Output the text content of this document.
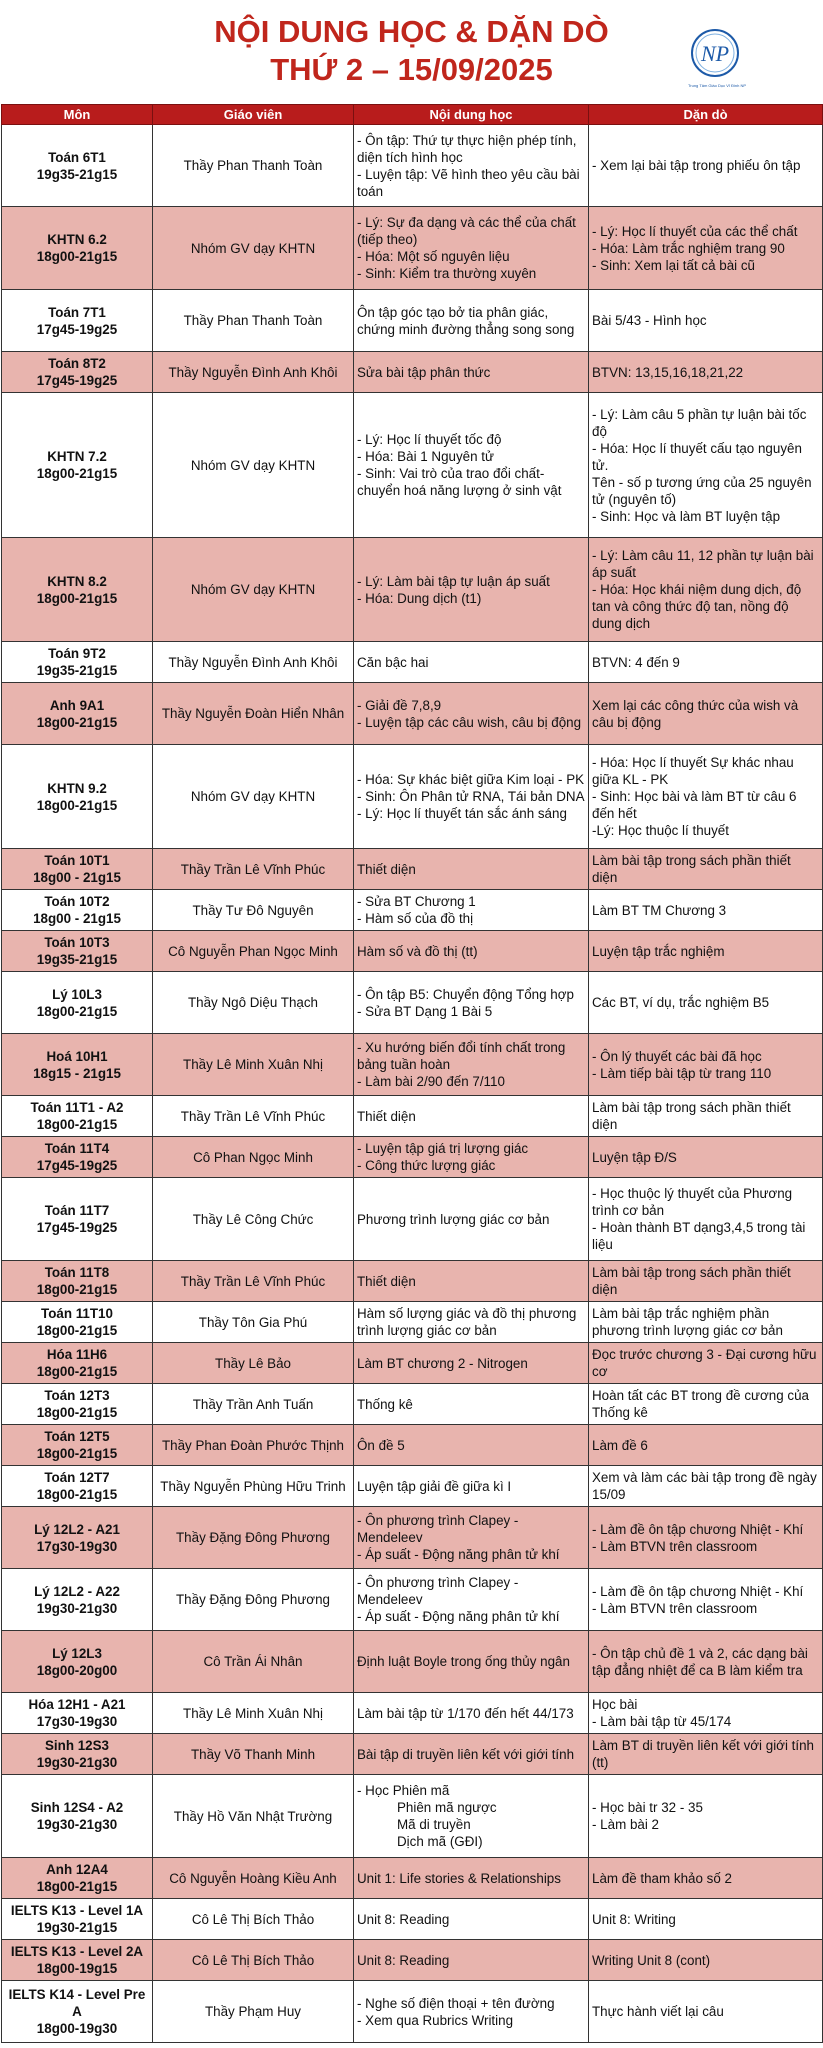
NỘI DUNG HỌC & DẶN DÒ
THỨ 2 – 15/09/2025	NP
Trung Tâm Giáo Dục Vĩ Đinh NP
Môn	Giáo viên	Nội dung học	Dặn dò

Toán 6T1
19g35-21g15	Thầy Phan Thanh Toàn	- Ôn tập: Thứ tự thực hiện phép tính, diện tích hình học
- Luyện tập: Vẽ hình theo yêu cầu bài toán	- Xem lại bài tập trong phiếu ôn tập

KHTN 6.2
18g00-21g15	Nhóm GV dạy KHTN	- Lý: Sự đa dạng và các thể của chất (tiếp theo)
- Hóa: Một số nguyên liệu
- Sinh: Kiểm tra thường xuyên	- Lý: Học lí thuyết của các thể chất
- Hóa: Làm trắc nghiệm trang 90
- Sinh: Xem lại tất cả bài cũ

Toán 7T1
17g45-19g25	Thầy Phan Thanh Toàn	Ôn tập góc tạo bở tia phân giác, chứng minh đường thẳng song song	Bài 5/43 - Hình học

Toán 8T2
17g45-19g25	Thầy Nguyễn Đình Anh Khôi	Sửa bài tập phân thức	BTVN: 13,15,16,18,21,22

KHTN 7.2
18g00-21g15	Nhóm GV dạy KHTN	- Lý: Học lí thuyết tốc độ
- Hóa: Bài 1 Nguyên tử
- Sinh: Vai trò của trao đổi chất-chuyển hoá năng lượng ở sinh vật	- Lý: Làm câu 5 phần tự luận bài tốc độ
- Hóa: Học lí thuyết cấu tạo nguyên tử.
Tên - số p tương ứng của 25 nguyên tử (nguyên tố)
- Sinh: Học và làm BT luyện tập

KHTN 8.2
18g00-21g15	Nhóm GV dạy KHTN	- Lý: Làm bài tập tự luận áp suất
- Hóa: Dung dịch (t1)	- Lý: Làm câu 11, 12 phần tự luận bài áp suất
- Hóa: Học khái niệm dung dịch, độ tan và công thức độ tan, nồng độ dung dịch

Toán 9T2
19g35-21g15	Thầy Nguyễn Đình Anh Khôi	Căn bậc hai	BTVN: 4 đến 9

Anh 9A1
18g00-21g15	Thầy Nguyễn Đoàn Hiển Nhân	- Giải đề 7,8,9
- Luyện tập các câu wish, câu bị động	Xem lại các công thức của wish và câu bị động

KHTN 9.2
18g00-21g15	Nhóm GV dạy KHTN	- Hóa: Sự khác biệt giữa Kim loại - PK
- Sinh: Ôn Phân tử RNA, Tái bản DNA
- Lý: Học lí thuyết tán sắc ánh sáng	- Hóa: Học lí thuyết Sự khác nhau giữa KL - PK
- Sinh: Học bài và làm BT từ câu 6 đến hết
-Lý: Học thuộc lí thuyết

Toán 10T1
18g00 - 21g15	Thầy Trần Lê Vĩnh Phúc	Thiết diện	Làm bài tập trong sách phần thiết diện

Toán 10T2
18g00 - 21g15	Thầy Tư Đô Nguyên	- Sửa BT Chương 1
- Hàm số của đồ thị	Làm BT TM Chương 3

Toán 10T3
19g35-21g15	Cô Nguyễn Phan Ngọc Minh	Hàm số và đồ thị (tt)	Luyện tập trắc nghiệm

Lý 10L3
18g00-21g15	Thầy Ngô Diệu Thạch	- Ôn tập B5: Chuyển động Tổng hợp
- Sửa BT Dạng 1 Bài 5	Các BT, ví dụ, trắc nghiệm B5

Hoá 10H1
18g15 - 21g15	Thầy Lê Minh Xuân Nhị	- Xu hướng biến đổi tính chất trong bảng tuần hoàn
- Làm bài 2/90 đến 7/110	- Ôn lý thuyết các bài đã học
- Làm tiếp bài tập từ trang 110

Toán 11T1 - A2
18g00-21g15	Thầy Trần Lê Vĩnh Phúc	Thiết diện	Làm bài tập trong sách phần thiết diện

Toán 11T4
17g45-19g25	Cô Phan Ngọc Minh	- Luyện tập giá trị lượng giác
- Công thức lượng giác	Luyện tập Đ/S

Toán 11T7
17g45-19g25	Thầy Lê Công Chức	Phương trình lượng giác cơ bản	- Học thuộc lý thuyết của Phương trình cơ bản
- Hoàn thành BT dạng3,4,5 trong tài liệu

Toán 11T8
18g00-21g15	Thầy Trần Lê Vĩnh Phúc	Thiết diện	Làm bài tập trong sách phần thiết diện

Toán 11T10
18g00-21g15	Thầy Tôn Gia Phú	Hàm số lượng giác và đồ thị phương trình lượng giác cơ bản	Làm bài tập trắc nghiệm phần phương trình lượng giác cơ bản

Hóa 11H6
18g00-21g15	Thầy Lê Bảo	Làm BT chương 2 - Nitrogen	Đọc trước chương 3 - Đại cương hữu cơ

Toán 12T3
18g00-21g15	Thầy Trần Anh Tuấn	Thống kê	Hoàn tất các BT trong đề cương của Thống kê

Toán 12T5
18g00-21g15	Thầy Phan Đoàn Phước Thịnh	Ôn đề 5	Làm đề 6

Toán 12T7
18g00-21g15	Thầy Nguyễn Phùng Hữu Trinh	Luyện tập giải đề giữa kì I	Xem và làm các bài tập trong đề ngày 15/09

Lý 12L2 - A21
17g30-19g30	Thầy Đặng Đông Phương	- Ôn phương trình Clapey - Mendeleev
- Áp suất - Động năng phân tử khí	- Làm đề ôn tập chương Nhiệt - Khí
- Làm BTVN trên classroom

Lý 12L2 - A22
19g30-21g30	Thầy Đặng Đông Phương	- Ôn phương trình Clapey - Mendeleev
- Áp suất - Động năng phân tử khí	- Làm đề ôn tập chương Nhiệt - Khí
- Làm BTVN trên classroom

Lý 12L3
18g00-20g00	Cô Trần Ái Nhân	Định luật Boyle trong ống thủy ngân	- Ôn tập chủ đề 1 và 2, các dạng bài tập đẳng nhiệt để ca B làm kiểm tra

Hóa 12H1 - A21
17g30-19g30	Thầy Lê Minh Xuân Nhị	Làm bài tập từ 1/170 đến hết 44/173	Học bài
- Làm bài tập từ 45/174

Sinh 12S3
19g30-21g30	Thầy Võ Thanh Minh	Bài tập di truyền liên kết với giới tính	Làm BT di truyền liên kết với giới tính (tt)

Sinh 12S4 - A2
19g30-21g30	Thầy Hồ Văn Nhật Trường	- Học Phiên mã
Phiên mã ngược
Mã di truyền
Dịch mã (GĐI)	- Học bài tr 32 - 35
- Làm bài 2

Anh 12A4
18g00-21g15	Cô Nguyễn Hoàng Kiều Anh	Unit 1: Life stories & Relationships	Làm đề tham khảo số 2

IELTS K13 - Level 1A
19g30-21g15	Cô Lê Thị Bích Thảo	Unit 8: Reading	Unit 8: Writing

IELTS K13 - Level 2A
18g00-19g15	Cô Lê Thị Bích Thảo	Unit 8: Reading	Writing Unit 8 (cont)

IELTS K14 - Level Pre A
18g00-19g30	Thầy Phạm Huy	- Nghe số điện thoại + tên đường
- Xem qua Rubrics Writing	Thực hành viết lại câu
